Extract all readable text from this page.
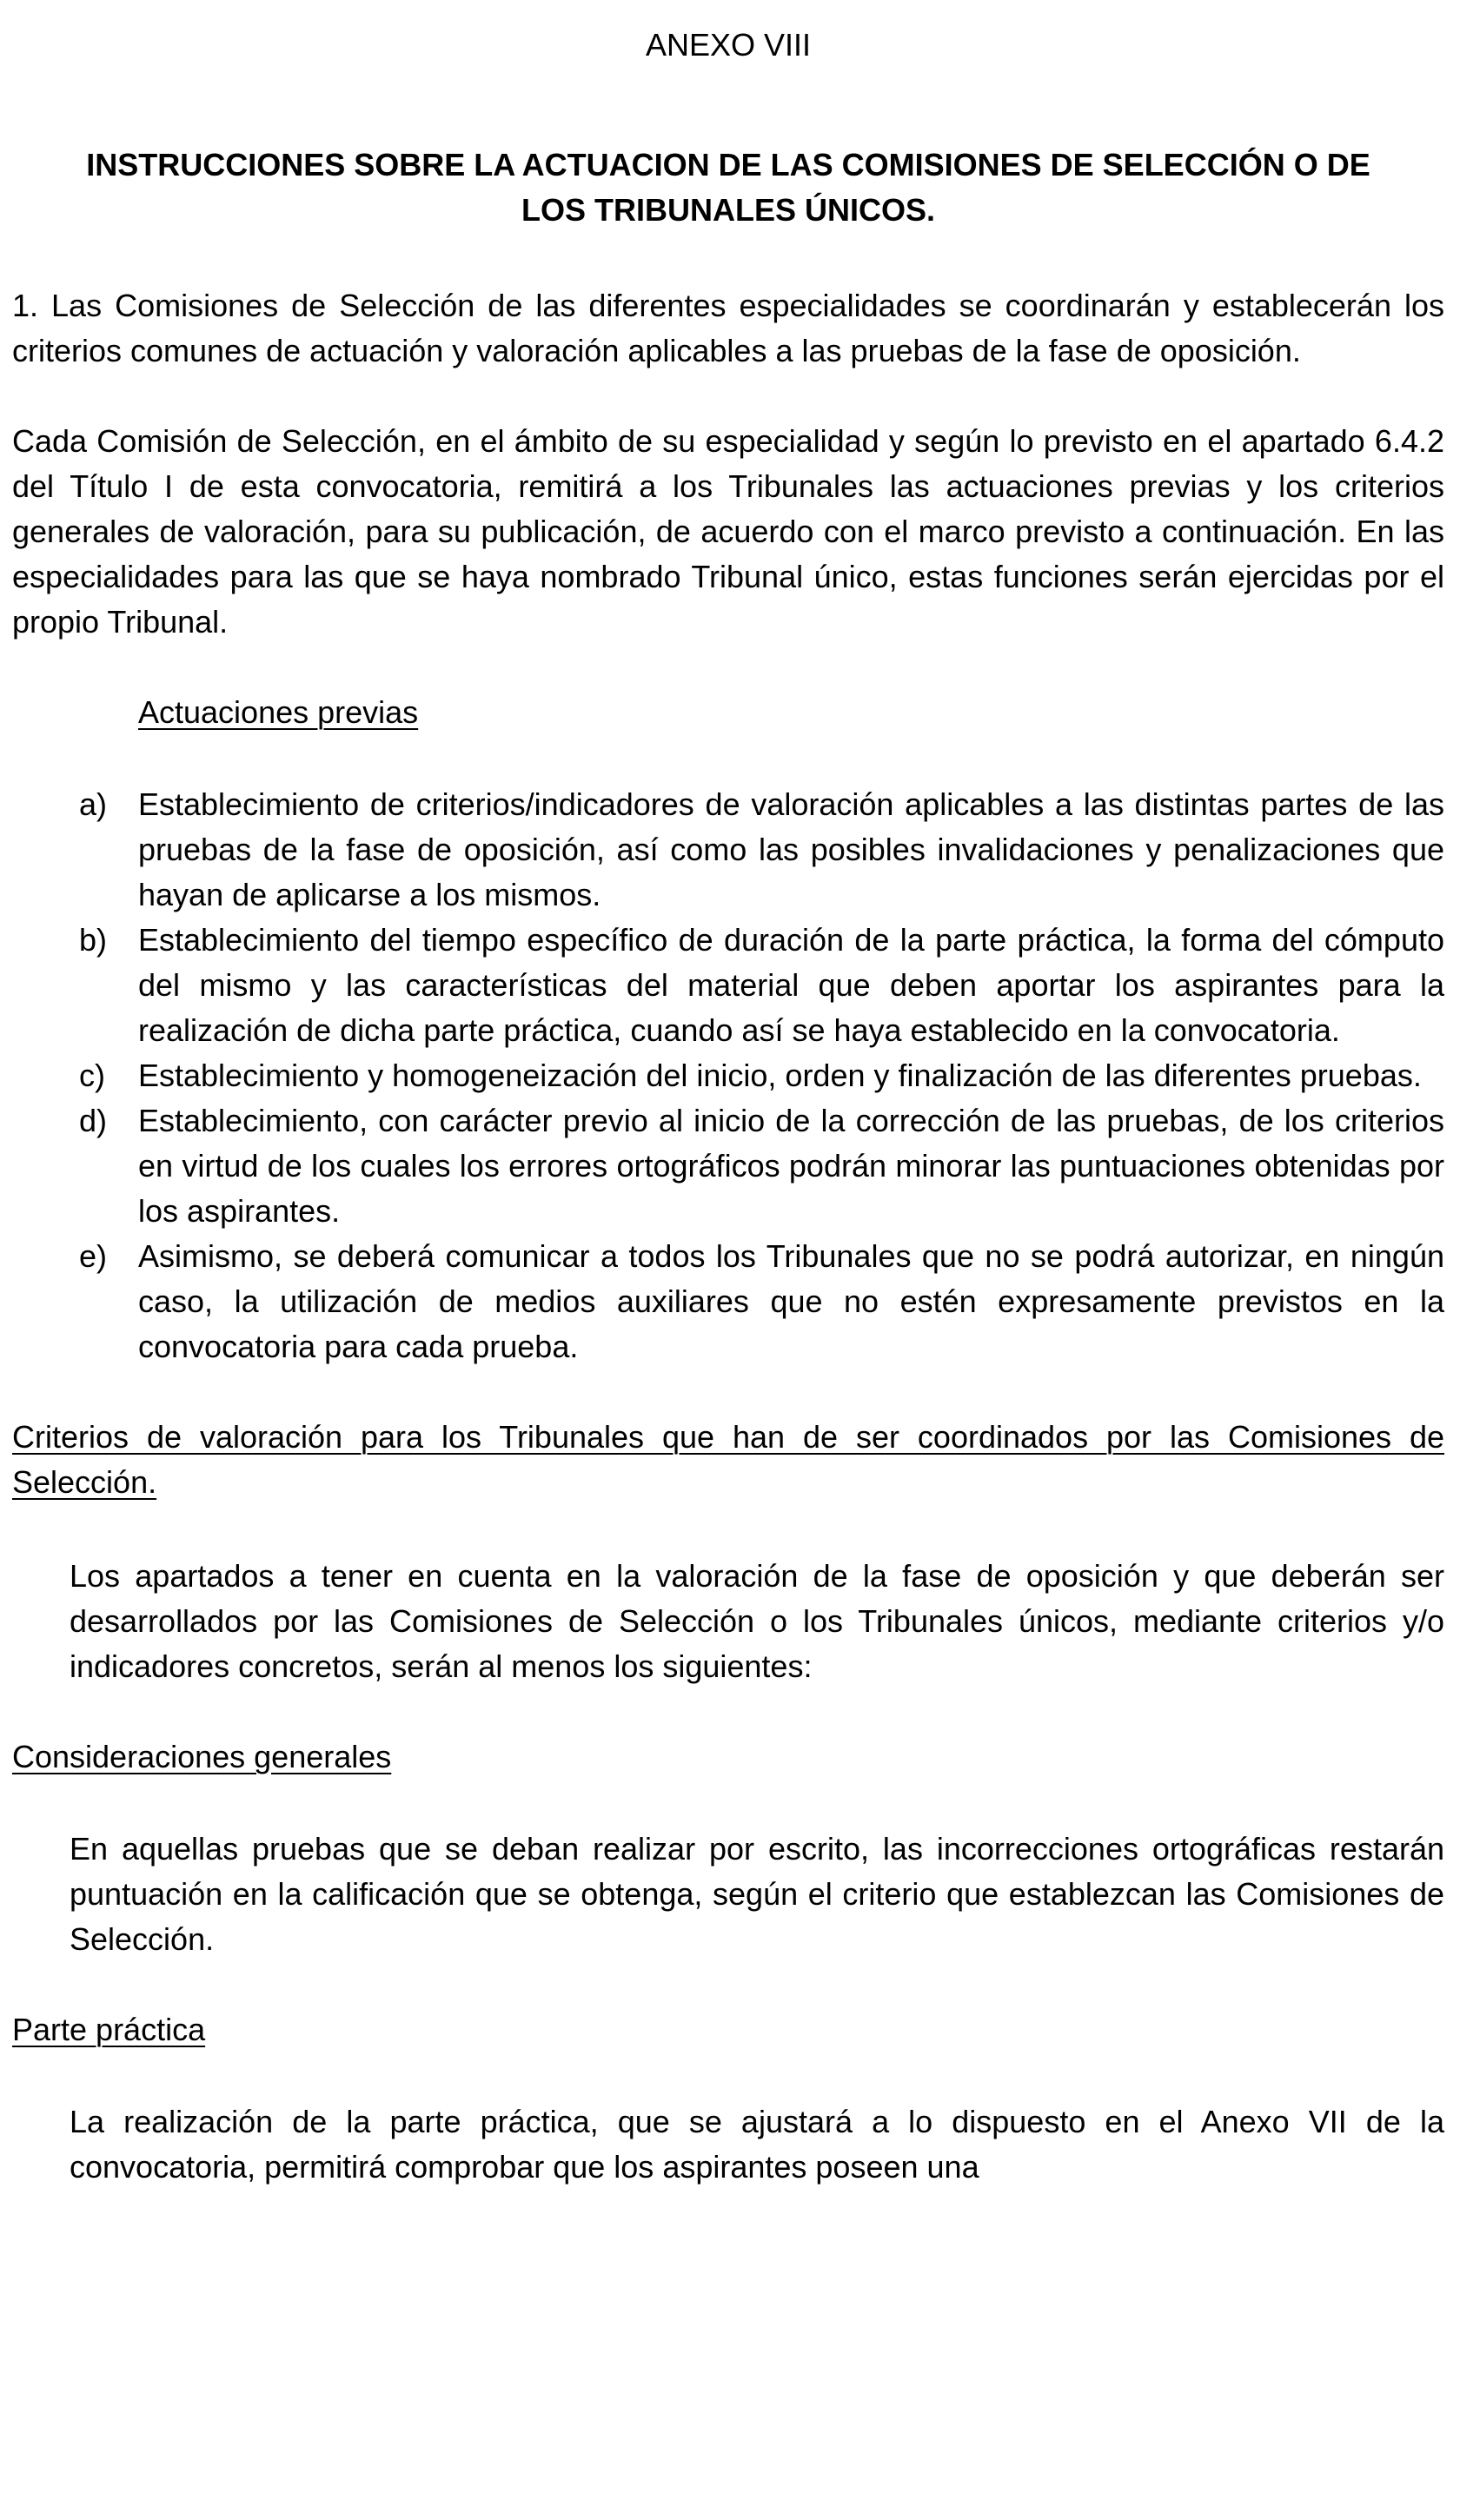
ANEXO VIII
INSTRUCCIONES SOBRE LA ACTUACION DE LAS COMISIONES DE SELECCIÓN O DE LOS TRIBUNALES ÚNICOS.

1. Las Comisiones de Selección de las diferentes especialidades se coordinarán y establecerán los criterios comunes de actuación y valoración aplicables a las pruebas de la fase de oposición.

Cada Comisión de Selección, en el ámbito de su especialidad y según lo previsto en el apartado 6.4.2 del Título I de esta convocatoria, remitirá a los Tribunales las actuaciones previas y los criterios generales de valoración, para su publicación, de acuerdo con el marco previsto a continuación. En las especialidades para las que se haya nombrado Tribunal único, estas funciones serán ejercidas por el propio Tribunal.

Actuaciones previas
a) Establecimiento de criterios/indicadores de valoración aplicables a las distintas partes de las pruebas de la fase de oposición, así como las posibles invalidaciones y penalizaciones que hayan de aplicarse a los mismos.
b) Establecimiento del tiempo específico de duración de la parte práctica, la forma del cómputo del mismo y las características del material que deben aportar los aspirantes para la realización de dicha parte práctica, cuando así se haya establecido en la convocatoria.
c)	Establecimiento y homogeneización del inicio, orden y finalización de las diferentes pruebas.
d) Establecimiento, con carácter previo al inicio de la corrección de las pruebas, de los criterios en virtud de los cuales los errores ortográficos podrán minorar las puntuaciones obtenidas por los aspirantes.
e) Asimismo, se deberá comunicar a todos los Tribunales que no se podrá autorizar, en ningún caso, la utilización de medios auxiliares que no estén expresamente previstos en la convocatoria para cada prueba.
Criterios de valoración para los Tribunales que han de ser coordinados por las Comisiones de Selección.

Los apartados a tener en cuenta en la valoración de la fase de oposición y que deberán ser desarrollados por las Comisiones de Selección o los Tribunales únicos, mediante criterios y/o indicadores concretos, serán al menos los siguientes:

Consideraciones generales

En aquellas pruebas que se deban realizar por escrito, las incorrecciones ortográficas restarán puntuación en la calificación que se obtenga, según el criterio que establezcan las Comisiones de Selección.

Parte práctica

La realización de la parte práctica, que se ajustará a lo dispuesto en el Anexo VII de la convocatoria, permitirá comprobar que los aspirantes poseen una
